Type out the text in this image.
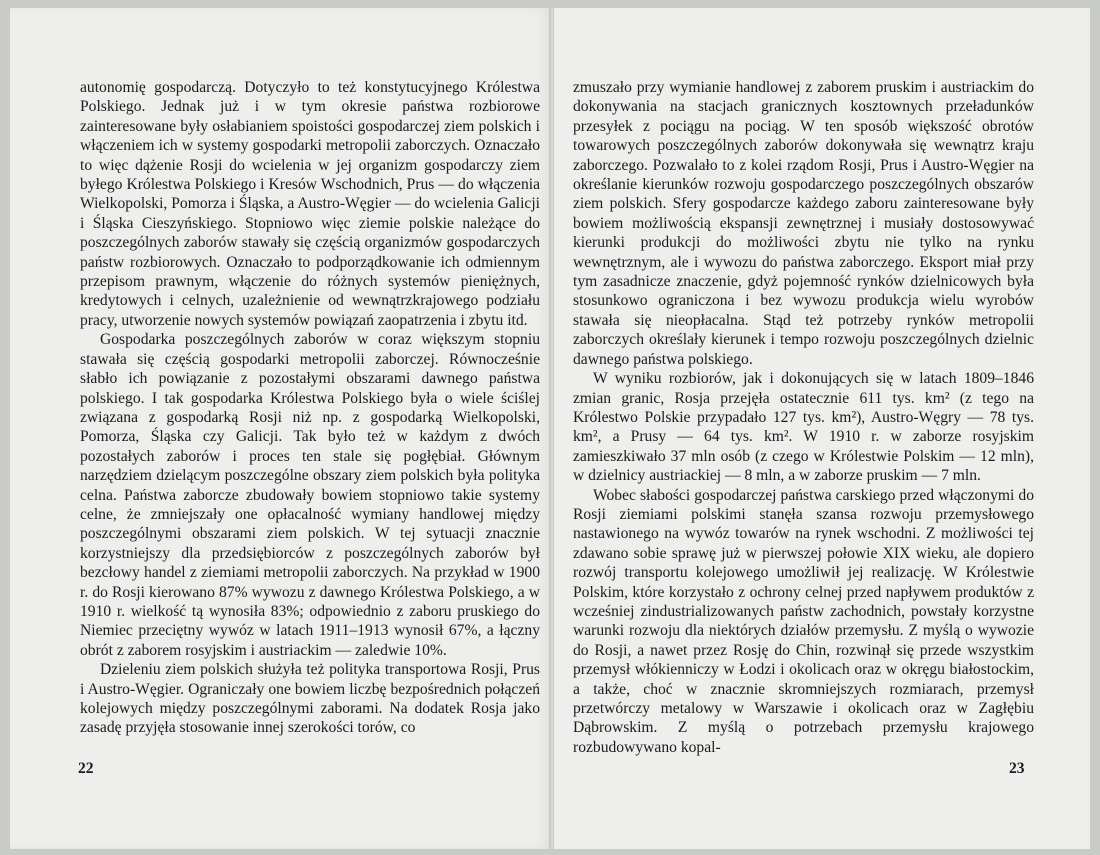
autonomię gospodarczą. Dotyczyło to też konstytucyjnego Królestwa Polskiego. Jednak już i w tym okresie państwa rozbiorowe zainteresowane były osłabianiem spoistości gospodarczej ziem polskich i włączeniem ich w systemy gospodarki metropolii zaborczych. Oznaczało to więc dążenie Rosji do wcielenia w jej organizm gospodarczy ziem byłego Królestwa Polskiego i Kresów Wschodnich, Prus — do włączenia Wielkopolski, Pomorza i Śląska, a Austro-Węgier — do wcielenia Galicji i Śląska Cieszyńskiego. Stopniowo więc ziemie polskie należące do poszczególnych zaborów stawały się częścią organizmów gospodarczych państw rozbiorowych. Oznaczało to podporządkowanie ich odmiennym przepisom prawnym, włączenie do różnych systemów pieniężnych, kredytowych i celnych, uzależnienie od wewnątrzkrajowego podziału pracy, utworzenie nowych systemów powiązań zaopatrzenia i zbytu itd.

Gospodarka poszczególnych zaborów w coraz większym stopniu stawała się częścią gospodarki metropolii zaborczej. Równocześnie słabło ich powiązanie z pozostałymi obszarami dawnego państwa polskiego. I tak gospodarka Królestwa Polskiego była o wiele ściślej związana z gospodarką Rosji niż np. z gospodarką Wielkopolski, Pomorza, Śląska czy Galicji. Tak było też w każdym z dwóch pozostałych zaborów i proces ten stale się pogłębiał. Głównym narzędziem dzielącym poszczególne obszary ziem polskich była polityka celna. Państwa zaborcze zbudowały bowiem stopniowo takie systemy celne, że zmniejszały one opłacalność wymiany handlowej między poszczególnymi obszarami ziem polskich. W tej sytuacji znacznie korzystniejszy dla przedsiębiorców z poszczególnych zaborów był bezcłowy handel z ziemiami metropolii zaborczych. Na przykład w 1900 r. do Rosji kierowano 87% wywozu z dawnego Królestwa Polskiego, a w 1910 r. wielkość tą wynosiła 83%; odpowiednio z zaboru pruskiego do Niemiec przeciętny wywóz w latach 1911–1913 wynosił 67%, a łączny obrót z zaborem rosyjskim i austriackim — zaledwie 10%.

Dzieleniu ziem polskich służyła też polityka transportowa Rosji, Prus i Austro-Węgier. Ograniczały one bowiem liczbę bezpośrednich połączeń kolejowych między poszczególnymi zaborami. Na dodatek Rosja jako zasadę przyjęła stosowanie innej szerokości torów, co

22

zmuszało przy wymianie handlowej z zaborem pruskim i austriackim do dokonywania na stacjach granicznych kosztownych przeładunków przesyłek z pociągu na pociąg. W ten sposób większość obrotów towarowych poszczególnych zaborów dokonywała się wewnątrz kraju zaborczego. Pozwalało to z kolei rządom Rosji, Prus i Austro-Węgier na określanie kierunków rozwoju gospodarczego poszczególnych obszarów ziem polskich. Sfery gospodarcze każdego zaboru zainteresowane były bowiem możliwością ekspansji zewnętrznej i musiały dostosowywać kierunki produkcji do możliwości zbytu nie tylko na rynku wewnętrznym, ale i wywozu do państwa zaborczego. Eksport miał przy tym zasadnicze znaczenie, gdyż pojemność rynków dzielnicowych była stosunkowo ograniczona i bez wywozu produkcja wielu wyrobów stawała się nieopłacalna. Stąd też potrzeby rynków metropolii zaborczych określały kierunek i tempo rozwoju poszczególnych dzielnic dawnego państwa polskiego.

W wyniku rozbiorów, jak i dokonujących się w latach 1809–1846 zmian granic, Rosja przejęła ostatecznie 611 tys. km² (z tego na Królestwo Polskie przypadało 127 tys. km²), Austro-Węgry — 78 tys. km², a Prusy — 64 tys. km². W 1910 r. w zaborze rosyjskim zamieszkiwało 37 mln osób (z czego w Królestwie Polskim — 12 mln), w dzielnicy austriackiej — 8 mln, a w zaborze pruskim — 7 mln.

Wobec słabości gospodarczej państwa carskiego przed włączonymi do Rosji ziemiami polskimi stanęła szansa rozwoju przemysłowego nastawionego na wywóz towarów na rynek wschodni. Z możliwości tej zdawano sobie sprawę już w pierwszej połowie XIX wieku, ale dopiero rozwój transportu kolejowego umożliwił jej realizację. W Królestwie Polskim, które korzystało z ochrony celnej przed napływem produktów z wcześniej zindustrializowanych państw zachodnich, powstały korzystne warunki rozwoju dla niektórych działów przemysłu. Z myślą o wywozie do Rosji, a nawet przez Rosję do Chin, rozwinął się przede wszystkim przemysł włókienniczy w Łodzi i okolicach oraz w okręgu białostockim, a także, choć w znacznie skromniejszych rozmiarach, przemysł przetwórczy metalowy w Warszawie i okolicach oraz w Zagłębiu Dąbrowskim. Z myślą o potrzebach przemysłu krajowego rozbudowywano kopal-

23
